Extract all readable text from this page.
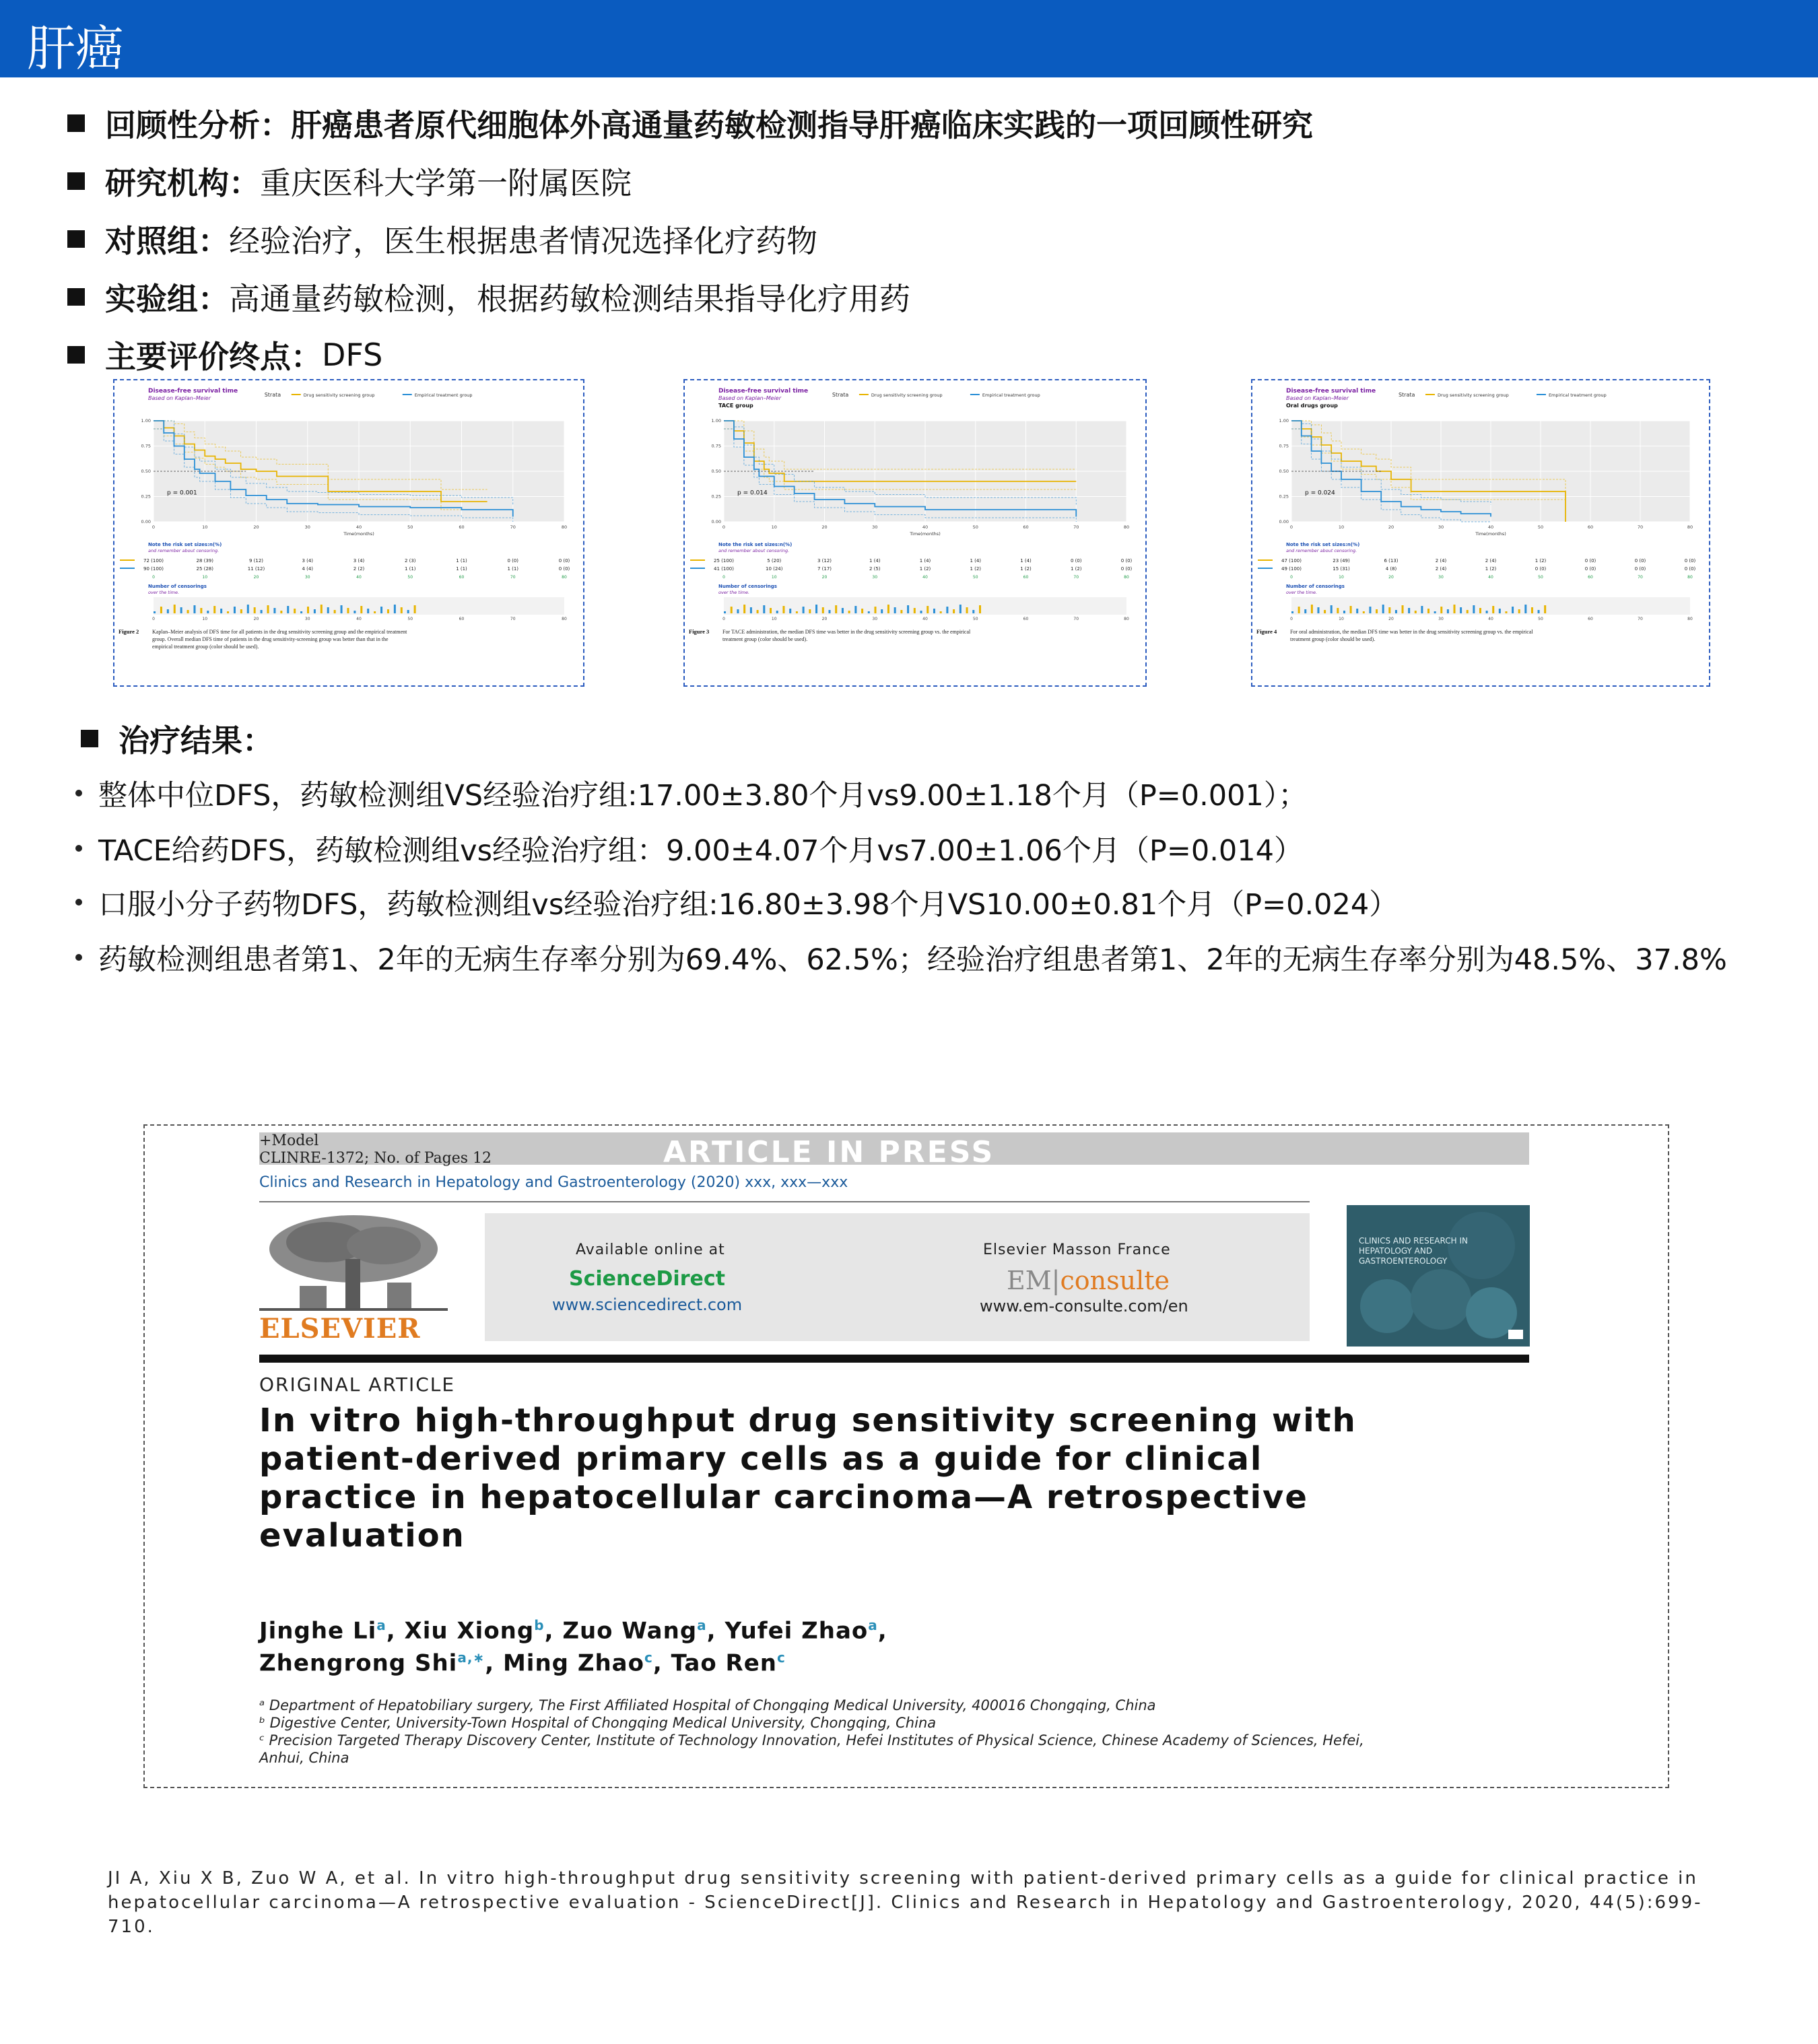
肝癌
回顾性分析： 肝癌患者原代细胞体外高通量药敏检测指导肝癌临床实践的一项回顾性研究
研究机构： 重庆医科大学第一附属医院
对照组： 经验治疗，医生根据患者情况选择化疗药物
实验组： 高通量药敏检测，根据药敏检测结果指导化疗用药
主要评价终点： DFS
Disease-free survival time
Based on Kaplan–Meier
Strata	Drug sensitivity screening group	Empirical treatment group
0	10	20	30	40	50	60	70	80
0.00
0.25
0.50
0.75
1.00
Time(months)
p = 0.001
Note the risk set sizes:n(%)
and remember about censoring.
72 (100)	28 (39)	9 (12)	3 (4)	3 (4)	2 (3)	1 (1)	0 (0)	0 (0)
90 (100)	25 (28)	11 (12)	4 (4)	2 (2)	1 (1)	1 (1)	1 (1)	0 (0)
0	10	20	30	40	50	60	70	80
Number of censorings
over the time.
0	10	20	30	40	50	60	70	80
Figure 2 Kaplan–Meier analysis of DFS time for all patients in the drug sensitivity screening group and the empirical treatment
group. Overall median DFS time of patients in the drug sensitivity-screening group was better than that in the
empirical treatment group (color should be used).
Disease-free survival time
Based on Kaplan–Meier
TACE group
Strata	Drug sensitivity screening group	Empirical treatment group
0	10	20	30	40	50	60	70	80
0.00
0.25
0.50
0.75
1.00
Time(months)
p = 0.014
Note the risk set sizes:n(%)
and remember about censoring.
25 (100)	5 (20)	3 (12)	1 (4)	1 (4)	1 (4)	1 (4)	0 (0)	0 (0)
41 (100)	10 (24)	7 (17)	2 (5)	1 (2)	1 (2)	1 (2)	1 (2)	0 (0)
0	10	20	30	40	50	60	70	80
Number of censorings
over the time.
0	10	20	30	40	50	60	70	80
Figure 3 For TACE administration, the median DFS time was better in the drug sensitivity screening group vs. the empirical
treatment group (color should be used).
Disease-free survival time
Based on Kaplan–Meier
Oral drugs group
Strata	Drug sensitivity screening group	Empirical treatment group
0	10	20	30	40	50	60	70	80
0.00
0.25
0.50
0.75
1.00
Time(months)
p = 0.024
Note the risk set sizes:n(%)
and remember about censoring.
47 (100)	23 (49)	6 (13)	2 (4)	2 (4)	1 (2)	0 (0)	0 (0)	0 (0)
49 (100)	15 (31)	4 (8)	2 (4)	1 (2)	0 (0)	0 (0)	0 (0)	0 (0)
0	10	20	30	40	50	60	70	80
Number of censorings
over the time.
0	10	20	30	40	50	60	70	80
Figure 4 For oral administration, the median DFS time was better in the drug sensitivity screening group vs. the empirical
treatment group (color should be used).
治疗结果：
整体中位DFS，药敏检测组VS经验治疗组:17.00±3.80个月vs9.00±1.18个月（P=0.001）；
TACE给药DFS，药敏检测组vs经验治疗组：9.00±4.07个月vs7.00±1.06个月（P=0.014）
口服小分子药物DFS，药敏检测组vs经验治疗组:16.80±3.98个月VS10.00±0.81个月（P=0.024）
药敏检测组患者第1、2年的无病生存率分别为69.4%、62.5%；经验治疗组患者第1、2年的无病生存率分别为48.5%、37.8%
ARTICLE IN PRESS
+Model
CLINRE-1372; No. of Pages 12
Clinics and Research in Hepatology and Gastroenterology (2020) xxx, xxx—xxx
ELSEVIER
Available online at
ScienceDirect
www.sciencedirect.com
Elsevier Masson France
EM|consulte
www.em-consulte.com/en
CLINICS AND RESEARCH IN HEPATOLOGY AND GASTROENTEROLOGY
ORIGINAL ARTICLE
In vitro high-throughput drug sensitivity screening with patient-derived primary cells as a guide for clinical practice in hepatocellular carcinoma—A retrospective evaluation
Jinghe Li$^a$, Xiu Xiong$^b$, Zuo Wang$^a$, Yufei Zhao$^a$,
Zhengrong Shi$^{a,∗}$, Ming Zhao$^c$, Tao Ren$^c$
ᵃ Department of Hepatobiliary surgery, The First Affiliated Hospital of Chongqing Medical University, 400016 Chongqing, China
ᵇ Digestive Center, University-Town Hospital of Chongqing Medical University, Chongqing, China
ᶜ Precision Targeted Therapy Discovery Center, Institute of Technology Innovation, Hefei Institutes of Physical Science, Chinese Academy of Sciences, Hefei, Anhui, China
JI A, Xiu X B, Zuo W A, et al. In vitro high-throughput drug sensitivity screening with patient-derived primary cells as a guide for clinical practice in hepatocellular carcinoma—A retrospective evaluation - ScienceDirect[J]. Clinics and Research in Hepatology and Gastroenterology, 2020, 44(5):699-710.
